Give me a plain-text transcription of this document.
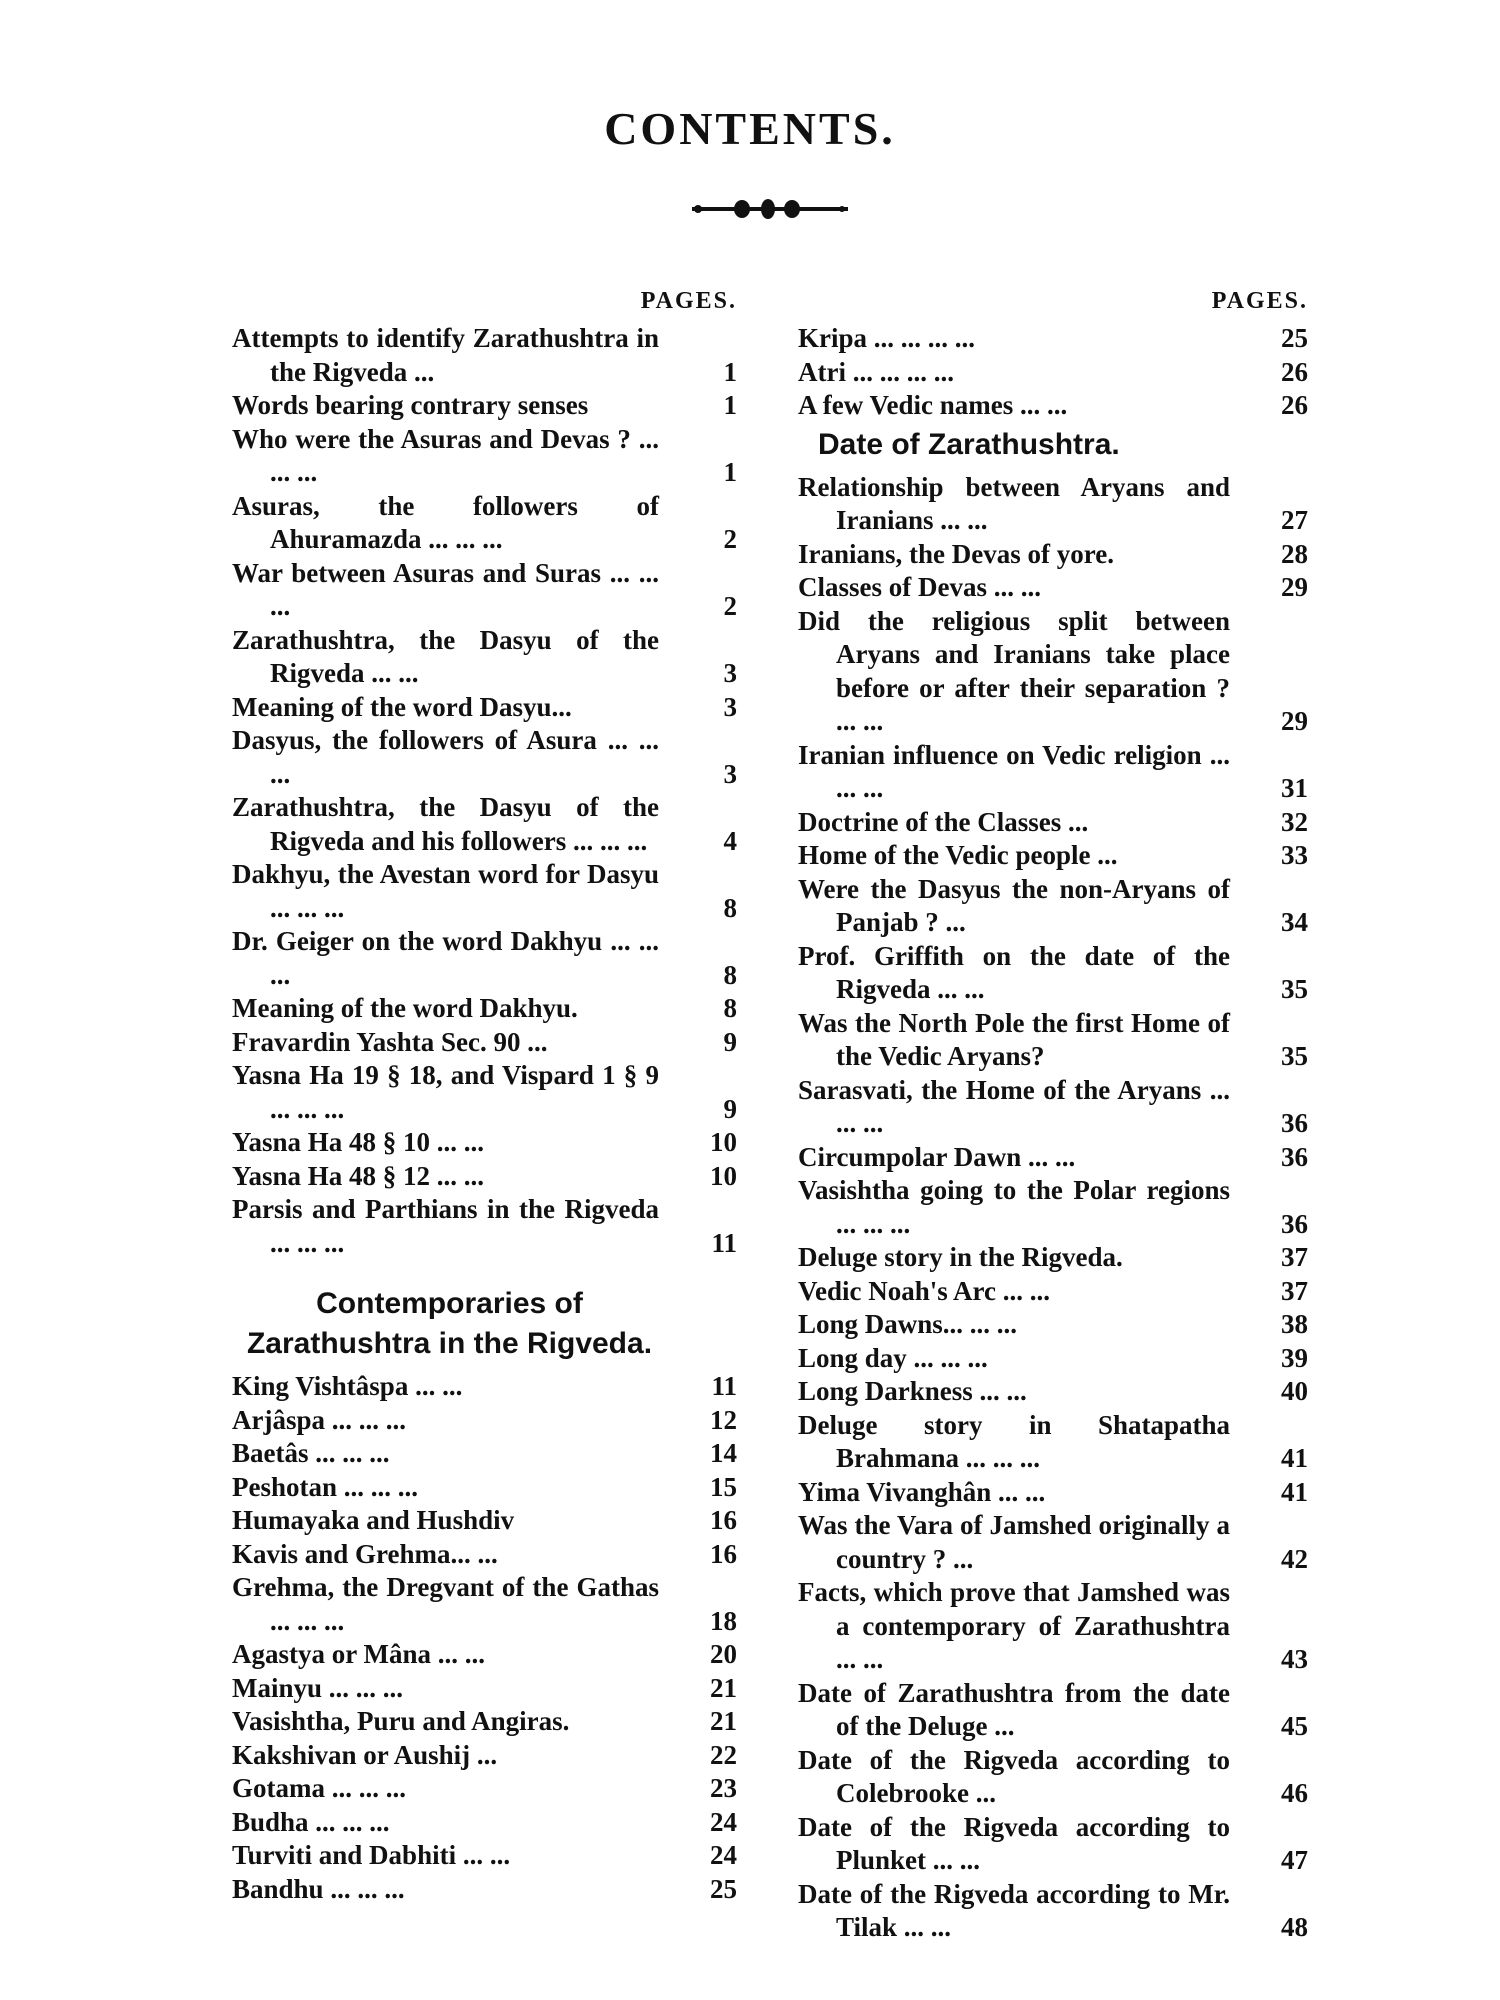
CONTENTS.
PAGES.
Attempts to identify Zarathushtra in the Rigveda ...	1
Words bearing contrary senses	1
Who were the Asuras and Devas ? ... ... ...	1
Asuras, the followers of Ahuramazda ... ... ...	2
War between Asuras and Suras ... ... ...	2
Zarathushtra, the Dasyu of the Rigveda ... ...	3
Meaning of the word Dasyu...	3
Dasyus, the followers of Asura ... ... ...	3
Zarathushtra, the Dasyu of the Rigveda and his followers ... ... ...	4
Dakhyu, the Avestan word for Dasyu ... ... ...	8
Dr. Geiger on the word Dakhyu ... ... ...	8
Meaning of the word Dakhyu.	8
Fravardin Yashta Sec. 90 ...	9
Yasna Ha 19 § 18, and Vispard 1 § 9 ... ... ...	9
Yasna Ha 48 § 10 ... ...	10
Yasna Ha 48 § 12 ... ...	10
Parsis and Parthians in the Rigveda ... ... ...	11
Contemporaries of Zarathushtra in the Rigveda.
King Vishtâspa ... ...	11
Arjâspa ... ... ...	12
Baetâs ... ... ...	14
Peshotan ... ... ...	15
Humayaka and Hushdiv	16
Kavis and Grehma... ...	16
Grehma, the Dregvant of the Gathas ... ... ...	18
Agastya or Mâna ... ...	20
Mainyu ... ... ...	21
Vasishtha, Puru and Angiras.	21
Kakshivan or Aushij ...	22
Gotama ... ... ...	23
Budha ... ... ...	24
Turviti and Dabhiti ... ...	24
Bandhu ... ... ...	25
PAGES.
Kripa ... ... ... ...	25
Atri ... ... ... ...	26
A few Vedic names ... ...	26
Date of Zarathushtra.
Relationship between Aryans and Iranians ... ...	27
Iranians, the Devas of yore.	28
Classes of Devas ... ...	29
Did the religious split between Aryans and Iranians take place before or after their separation ? ... ...	29
Iranian influence on Vedic religion ... ... ...	31
Doctrine of the Classes ...	32
Home of the Vedic people ...	33
Were the Dasyus the non-Aryans of Panjab ? ...	34
Prof. Griffith on the date of the Rigveda ... ...	35
Was the North Pole the first Home of the Vedic Aryans?	35
Sarasvati, the Home of the Aryans ... ... ...	36
Circumpolar Dawn ... ...	36
Vasishtha going to the Polar regions ... ... ...	36
Deluge story in the Rigveda.	37
Vedic Noah's Arc ... ...	37
Long Dawns... ... ...	38
Long day ... ... ...	39
Long Darkness ... ...	40
Deluge story in Shatapatha Brahmana ... ... ...	41
Yima Vivanghân ... ...	41
Was the Vara of Jamshed originally a country ? ...	42
Facts, which prove that Jamshed was a contemporary of Zarathushtra ... ...	43
Date of Zarathushtra from the date of the Deluge ...	45
Date of the Rigveda according to Colebrooke ...	46
Date of the Rigveda according to Plunket ... ...	47
Date of the Rigveda according to Mr. Tilak ... ...	48
